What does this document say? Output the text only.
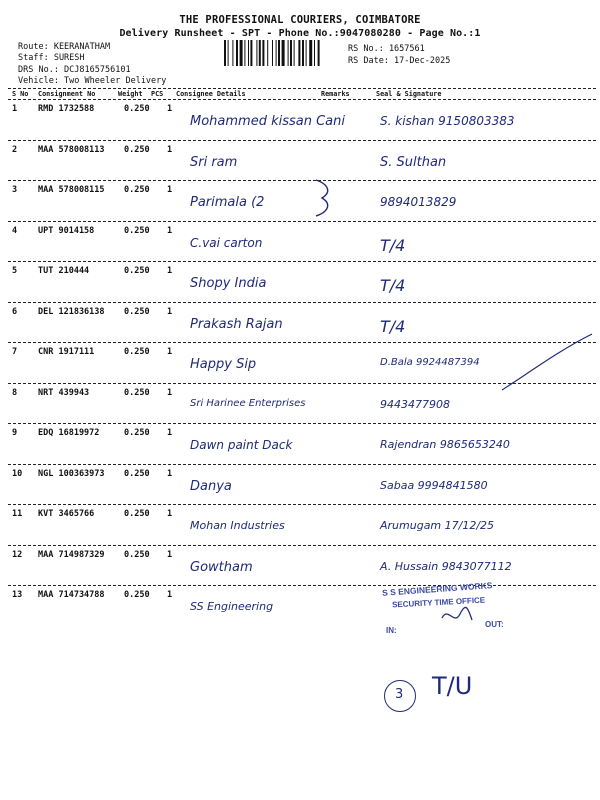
THE PROFESSIONAL COURIERS, COIMBATORE
Delivery Runsheet - SPT - Phone No.:9047080280 - Page No.:1
Route: KEERANATHAM
Staff: SURESH
DRS No.: DCJ8165756101
Vehicle: Two Wheeler Delivery
RS No.: 1657561
RS Date: 17-Dec-2025
S No Consignment No	Weight PCS Consignee Details	Remarks	Seal & Signature
1 RMD 1732588	0.250 1
Mohammed kissan Cani	S. kishan 9150803383
2 MAA 578008113 0.250 1
Sri ram	S. Sulthan
3 MAA 578008115 0.250 1
Parimala (2	9894013829
4 UPT 9014158	0.250 1
C.vai carton	T/4
5 TUT 210444	0.250 1
Shopy India	T/4
6 DEL 121836138 0.250 1
Prakash Rajan	T/4
7 CNR 1917111	0.250 1
Happy Sip	D.Bala 9924487394
8 NRT 439943	0.250 1
Sri Harinee Enterprises	9443477908
9 EDQ 16819972	0.250 1
Dawn paint Dack	Rajendran 9865653240
10 NGL 100363973 0.250 1
Danya	Sabaa 9994841580
11 KVT 3465766	0.250 1
Mohan Industries	Arumugam 17/12/25
12 MAA 714987329 0.250 1
Gowtham	A. Hussain 9843077112
13 MAA 714734788 0.250 1
SS Engineering
S S ENGINEERING WORKS
SECURITY TIME OFFICE
IN:
OUT:
3 T/U
